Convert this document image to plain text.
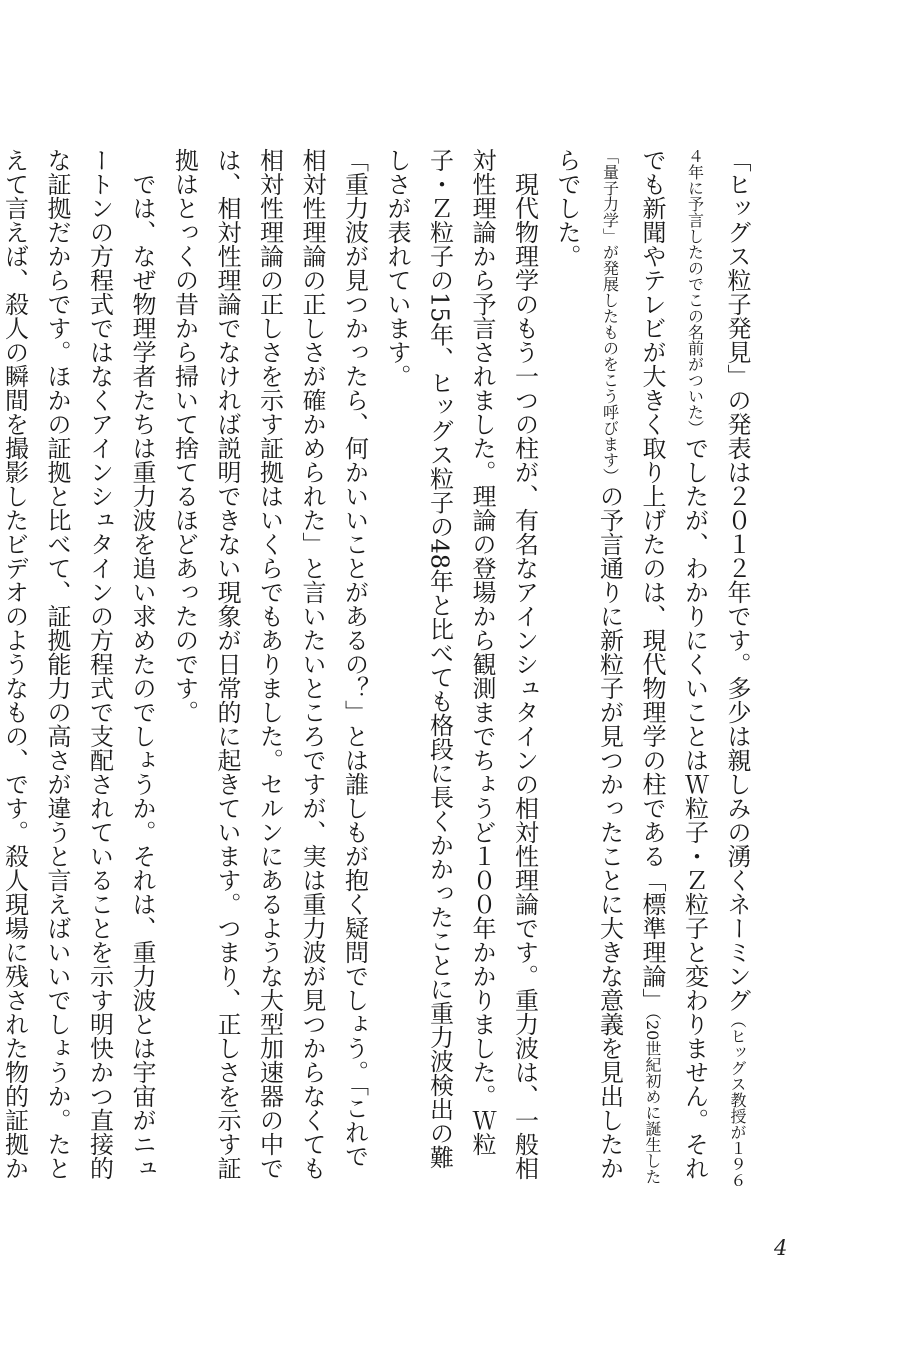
「ヒッグス粒子発見」の発表は２０１２年です。多少は親しみの湧くネーミング（ヒッグス教授が１９６４年に予言したのでこの名前がついた）でしたが、わかりにくいことはＷ粒子・Ｚ粒子と変わりません。それでも新聞やテレビが大きく取り上げたのは、現代物理学の柱である「標準理論」（20世紀初めに誕生した「量子力学」が発展したものをこう呼びます）の予言通りに新粒子が見つかったことに大きな意義を見出したからでした。

　現代物理学のもう一つの柱が、有名なアインシュタインの相対性理論です。重力波は、一般相対性理論から予言されました。理論の登場から観測までちょうど１００年かかりました。Ｗ粒子・Ｚ粒子の15年、ヒッグス粒子の48年と比べても格段に長くかかったことに重力波検出の難しさが表れています。

「重力波が見つかったら、何かいいことがあるの？」とは誰しもが抱く疑問でしょう。「これで相対性理論の正しさが確かめられた」と言いたいところですが、実は重力波が見つからなくても相対性理論の正しさを示す証拠はいくらでもありました。セルンにあるような大型加速器の中では、相対性理論でなければ説明できない現象が日常的に起きています。つまり、正しさを示す証拠はとっくの昔から掃いて捨てるほどあったのです。

　では、なぜ物理学者たちは重力波を追い求めたのでしょうか。それは、重力波とは宇宙がニュートンの方程式ではなくアインシュタインの方程式で支配されていることを示す明快かつ直接的な証拠だからです。ほかの証拠と比べて、証拠能力の高さが違うと言えばいいでしょうか。たとえて言えば、殺人の瞬間を撮影したビデオのようなもの、です。殺人現場に残された物的証拠か

4
